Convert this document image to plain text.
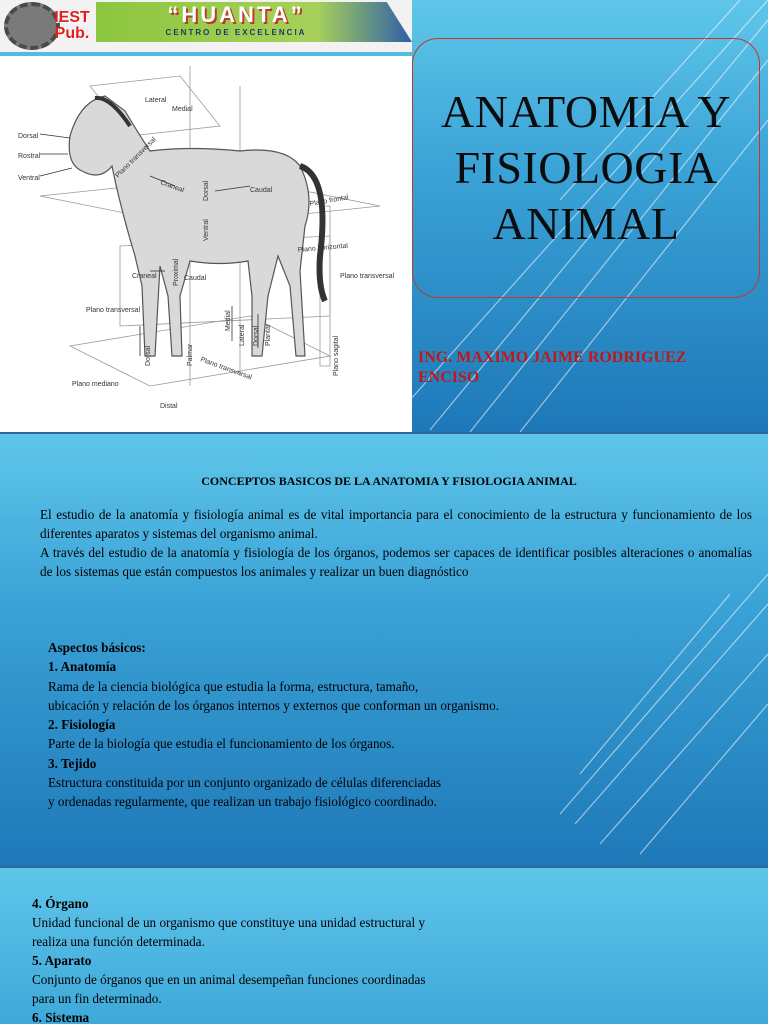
IEST
Pub.
“HUANTA”
CENTRO DE EXCELENCIA
Lateral
Medial
Dorsal
Rostral
Ventral	Plano transversal
Craneal	Dorsal	Caudal
Plano frontal
Ventral
Proximal
Plano horizontal
Craneal	Caudal	Plano transversal
Plano transversal	Medial
Lateral Dorsal Plantar
Plano sagital
Dorsal	Palmar
Plano transversal
Plano mediano
Distal
ANATOMIA Y
FISIOLOGIA
ANIMAL
ING. MAXIMO JAIME RODRIGUEZ
ENCISO
CONCEPTOS BASICOS DE LA ANATOMIA Y FISIOLOGIA ANIMAL

El estudio de la anatomía y fisiología animal es de vital importancia para el conocimiento de la estructura y funcionamiento de los diferentes aparatos y sistemas del organismo animal.

A través del estudio de la anatomía y fisiología de los órganos, podemos ser capaces de identificar posibles alteraciones o anomalías de los sistemas que están compuestos los animales y realizar un buen diagnóstico

Aspectos básicos:
1. Anatomía
Rama de la ciencia biológica que estudia la forma, estructura, tamaño,
ubicación y relación de los órganos internos y externos que conforman un organismo.
2. Fisiología
Parte de la biología que estudia el funcionamiento de los órganos.
3. Tejido
Estructura constituida por un conjunto organizado de células diferenciadas
y ordenadas regularmente, que realizan un trabajo fisiológico coordinado.
4. Órgano
Unidad funcional de un organismo que constituye una unidad estructural y
realiza una función determinada.
5. Aparato
Conjunto de órganos que en un animal desempeñan funciones coordinadas
para un fin determinado.
6. Sistema
